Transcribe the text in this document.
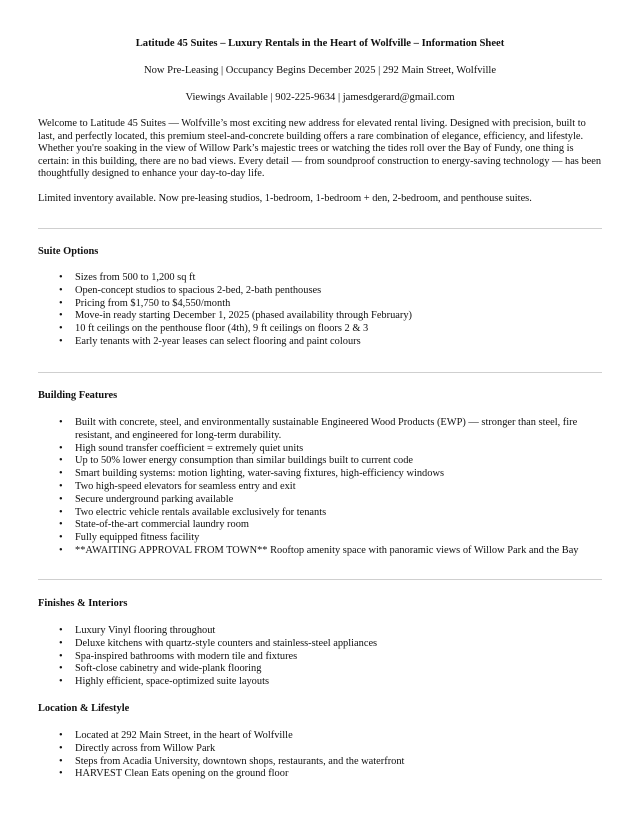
Latitude 45 Suites – Luxury Rentals in the Heart of Wolfville – Information Sheet
Now Pre-Leasing | Occupancy Begins December 2025 | 292 Main Street, Wolfville
Viewings Available | 902-225-9634 | jamesdgerard@gmail.com

Welcome to Latitude 45 Suites — Wolfville’s most exciting new address for elevated rental living. Designed with precision, built to last, and perfectly located, this premium steel-and-concrete building offers a rare combination of elegance, efficiency, and lifestyle. Whether you're soaking in the view of Willow Park’s majestic trees or watching the tides roll over the Bay of Fundy, one thing is certain: in this building, there are no bad views. Every detail — from soundproof construction to energy-saving technology — has been thoughtfully designed to enhance your day-to-day life.

Limited inventory available. Now pre-leasing studios, 1-bedroom, 1-bedroom + den, 2-bedroom, and penthouse suites.

Suite Options
• Sizes from 500 to 1,200 sq ft
• Open-concept studios to spacious 2-bed, 2-bath penthouses
• Pricing from $1,750 to $4,550/month
• Move-in ready starting December 1, 2025 (phased availability through February)
• 10 ft ceilings on the penthouse floor (4th), 9 ft ceilings on floors 2 & 3
• Early tenants with 2-year leases can select flooring and paint colours
Building Features
• Built with concrete, steel, and environmentally sustainable Engineered Wood Products (EWP) — stronger than steel, fire resistant, and engineered for long-term durability.
• High sound transfer coefficient = extremely quiet units
• Up to 50% lower energy consumption than similar buildings built to current code
• Smart building systems: motion lighting, water-saving fixtures, high-efficiency windows
• Two high-speed elevators for seamless entry and exit
• Secure underground parking available
• Two electric vehicle rentals available exclusively for tenants
• State-of-the-art commercial laundry room
• Fully equipped fitness facility
• **AWAITING APPROVAL FROM TOWN** Rooftop amenity space with panoramic views of Willow Park and the Bay
Finishes & Interiors
• Luxury Vinyl flooring throughout
• Deluxe kitchens with quartz-style counters and stainless-steel appliances
• Spa-inspired bathrooms with modern tile and fixtures
• Soft-close cabinetry and wide-plank flooring
• Highly efficient, space-optimized suite layouts
Location & Lifestyle
• Located at 292 Main Street, in the heart of Wolfville
• Directly across from Willow Park
• Steps from Acadia University, downtown shops, restaurants, and the waterfront
• HARVEST Clean Eats opening on the ground floor
